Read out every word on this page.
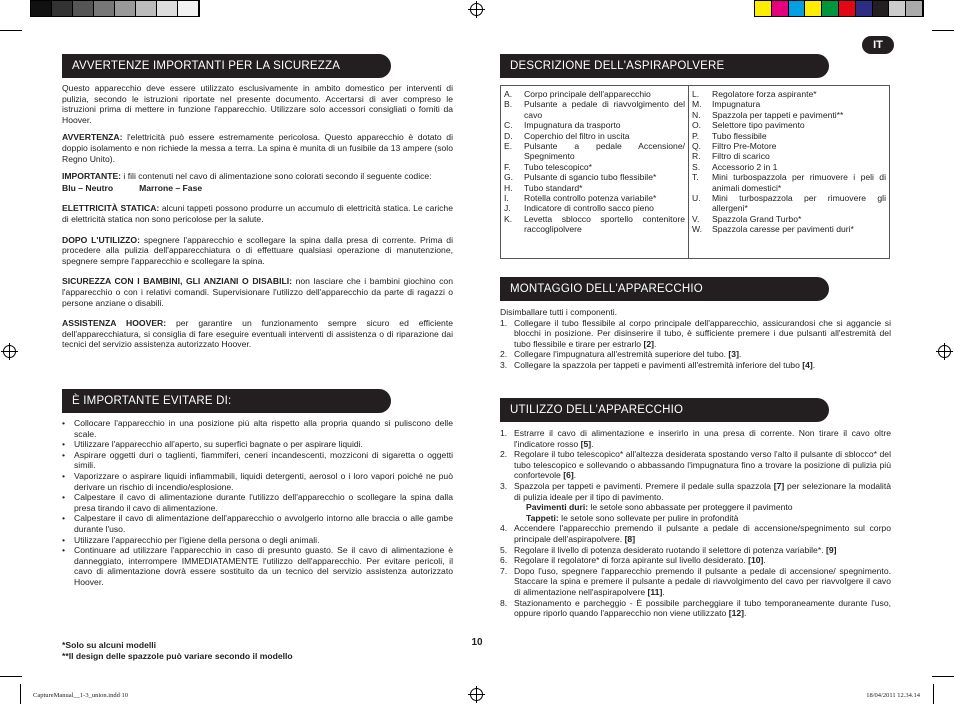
IT
AVVERTENZE IMPORTANTI PER LA SICUREZZA

Questo apparecchio deve essere utilizzato esclusivamente in ambito domestico per interventi di pulizia, secondo le istruzioni riportate nel presente documento. Accertarsi di aver compreso le istruzioni prima di mettere in funzione l'apparecchio. Utilizzare solo accessori consigliati o forniti da Hoover.

AVVERTENZA: l'elettricità può essere estremamente pericolosa. Questo apparecchio è dotato di doppio isolamento e non richiede la messa a terra. La spina è munita di un fusibile da 13 ampere (solo Regno Unito).

IMPORTANTE: i fili contenuti nel cavo di alimentazione sono colorati secondo il seguente codice:

Blu – Neutro	Marrone – Fase

ELETTRICITÀ STATICA: alcuni tappeti possono produrre un accumulo di elettricità statica. Le cariche di elettricità statica non sono pericolose per la salute.

DOPO L'UTILIZZO: spegnere l'apparecchio e scollegare la spina dalla presa di corrente. Prima di procedere alla pulizia dell'apparecchiatura o di effettuare qualsiasi operazione di manutenzione, spegnere sempre l'apparecchio e scollegare la spina.

SICUREZZA CON I BAMBINI, GLI ANZIANI O DISABILI: non lasciare che i bambini giochino con l'apparecchio o con i relativi comandi. Supervisionare l'utilizzo dell'apparecchio da parte di ragazzi o persone anziane o disabili.

ASSISTENZA HOOVER: per garantire un funzionamento sempre sicuro ed efficiente dell'apparecchiatura, si consiglia di fare eseguire eventuali interventi di assistenza o di riparazione dai tecnici del servizio assistenza autorizzato Hoover.

È IMPORTANTE EVITARE DI:
• Collocare l'apparecchio in una posizione più alta rispetto alla propria quando si puliscono delle scale.
• Utilizzare l'apparecchio all'aperto, su superfici bagnate o per aspirare liquidi.
• Aspirare oggetti duri o taglienti, fiammiferi, ceneri incandescenti, mozziconi di sigaretta o oggetti simili.
• Vaporizzare o aspirare liquidi infiammabili, liquidi detergenti, aerosol o i loro vapori poiché ne può derivare un rischio di incendio/esplosione.
• Calpestare il cavo di alimentazione durante l'utilizzo dell'apparecchio o scollegare la spina dalla presa tirando il cavo di alimentazione.
• Calpestare il cavo di alimentazione dell'apparecchio o avvolgerlo intorno alle braccia o alle gambe durante l'uso.
• Utilizzare l'apparecchio per l'igiene della persona o degli animali.
• Continuare ad utilizzare l'apparecchio in caso di presunto guasto. Se il cavo di alimentazione è danneggiato, interrompere IMMEDIATAMENTE l'utilizzo dell'apparecchio. Per evitare pericoli, il cavo di alimentazione dovrà essere sostituito da un tecnico del servizio assistenza autorizzato Hoover.
*Solo su alcuni modelli
**Il design delle spazzole può variare secondo il modello
10
DESCRIZIONE DELL'ASPIRAPOLVERE
A.	Corpo principale dell'apparecchio
B.	Pulsante a pedale di riavvolgimento del cavo
C.	Impugnatura da trasporto
D.	Coperchio del filtro in uscita
E.	Pulsante a pedale Accensione/ Spegnimento
F.	Tubo telescopico*
G.	Pulsante di sgancio tubo flessibile*
H.	Tubo standard*
I.	Rotella controllo potenza variabile*
J.	Indicatore di controllo sacco pieno
K.	Levetta sblocco sportello contenitore raccoglipolvere
L.	Regolatore forza aspirante*
M.	Impugnatura
N.	Spazzola per tappeti e pavimenti**
O.	Selettore tipo pavimento
P.	Tubo flessibile
Q.	Filtro Pre-Motore
R.	Filtro di scarico
S.	Accessorio 2 in 1
T.	Mini turbospazzola per rimuovere i peli di animali domestici*
U.	Mini turbospazzola per rimuovere gli allergeni*
V.	Spazzola Grand Turbo*
W.	Spazzola caresse per pavimenti duri*
MONTAGGIO DELL'APPARECCHIO
Disimballare tutti i componenti.
1. Collegare il tubo flessibile al corpo principale dell'apparecchio, assicurandosi che si aggancie si blocchi in posizione. Per disinserire il tubo, è sufficiente premere i due pulsanti all'estremità del tubo flessibile e tirare per estrarlo [2].
2. Collegare l'impugnatura all'estremità superiore del tubo. [3].
3. Collegare la spazzola per tappeti e pavimenti all'estremità inferiore del tubo [4].
UTILIZZO DELL'APPARECCHIO
1. Estrarre il cavo di alimentazione e inserirlo in una presa di corrente. Non tirare il cavo oltre l'indicatore rosso [5].
2. Regolare il tubo telescopico* all'altezza desiderata spostando verso l'alto il pulsante di sblocco* del tubo telescopico e sollevando o abbassando l'impugnatura fino a trovare la posizione di pulizia più confortevole [6].
3. Spazzola per tappeti e pavimenti. Premere il pedale sulla spazzola [7] per selezionare la modalità di pulizia ideale per il tipo di pavimento.
Pavimenti duri: le setole sono abbassate per proteggere il pavimento
Tappeti: le setole sono sollevate per pulire in profondità
4. Accendere l'apparecchio premendo il pulsante a pedale di accensione/spegnimento sul corpo principale dell'aspirapolvere. [8]
5. Regolare il livello di potenza desiderato ruotando il selettore di potenza variabile*. [9]
6. Regolare il regolatore* di forza apirante sul livello desiderato. [10].
7. Dopo l'uso, spegnere l'apparecchio premendo il pulsante a pedale di accensione/ spegnimento. Staccare la spina e premere il pulsante a pedale di riavvolgimento del cavo per riavvolgere il cavo di alimentazione nell'aspirapolvere [11].
8. Stazionamento e parcheggio - È possibile parcheggiare il tubo temporaneamente durante l'uso, oppure riporlo quando l'apparecchio non viene utilizzato [12].
CaptureManual__1-3_union.indd 10	18/04/2011 12.34.14
